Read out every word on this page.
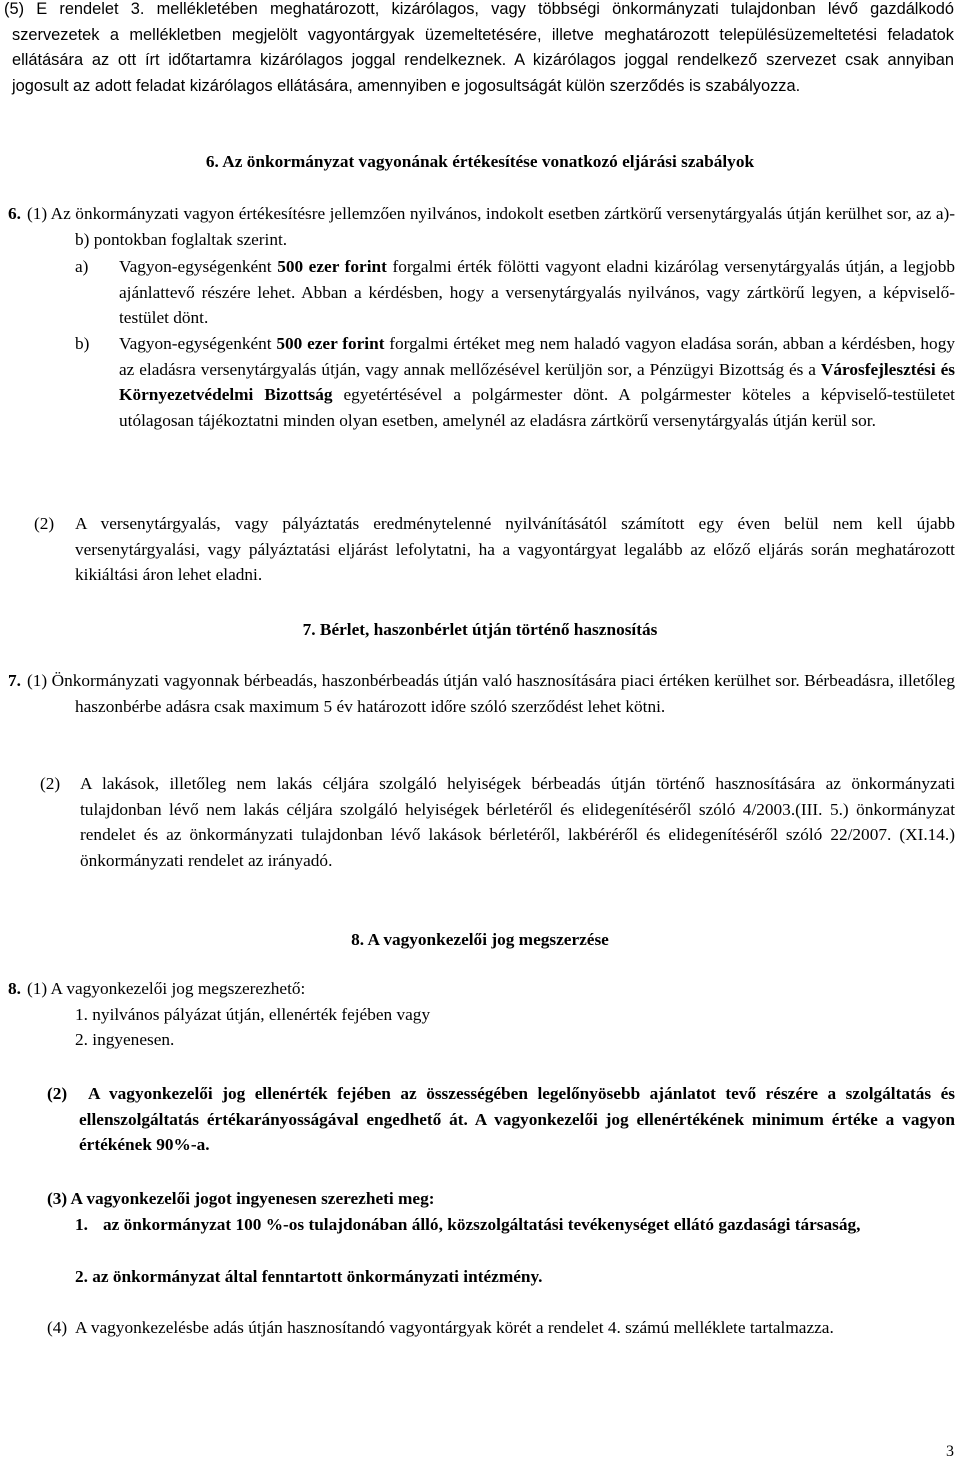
(5) E rendelet 3. mellékletében meghatározott, kizárólagos, vagy többségi önkormányzati tulajdonban lévő gazdálkodó szervezetek a mellékletben megjelölt vagyontárgyak üzemeltetésére, illetve meghatározott településüzemeltetési feladatok ellátására az ott írt időtartamra kizárólagos joggal rendelkeznek. A kizárólagos joggal rendelkező szervezet csak annyiban jogosult az adott feladat kizárólagos ellátására, amennyiben e jogosultságát külön szerződés is szabályozza.
6. Az önkormányzat vagyonának értékesítése vonatkozó eljárási szabályok
6. (1) Az önkormányzati vagyon értékesítésre jellemzően nyilvános, indokolt esetben zártkörű versenytárgyalás útján kerülhet sor, az a)-b) pontokban foglaltak szerint.
a) Vagyon-egységenként 500 ezer forint forgalmi érték fölötti vagyont eladni kizárólag versenytárgyalás útján, a legjobb ajánlattevő részére lehet. Abban a kérdésben, hogy a versenytárgyalás nyilvános, vagy zártkörű legyen, a képviselő-testület dönt.
b) Vagyon-egységenként 500 ezer forint forgalmi értéket meg nem haladó vagyon eladása során, abban a kérdésben, hogy az eladásra versenytárgyalás útján, vagy annak mellőzésével kerüljön sor, a Pénzügyi Bizottság és a Városfejlesztési és Környezetvédelmi Bizottság egyetértésével a polgármester dönt. A polgármester köteles a képviselő-testületet utólagosan tájékoztatni minden olyan esetben, amelynél az eladásra zártkörű versenytárgyalás útján kerül sor.
(2) A versenytárgyalás, vagy pályáztatás eredménytelenné nyilvánításától számított egy éven belül nem kell újabb versenytárgyalási, vagy pályáztatási eljárást lefolytatni, ha a vagyontárgyat legalább az előző eljárás során meghatározott kikiáltási áron lehet eladni.
7. Bérlet, haszonbérlet útján történő hasznosítás
7. (1) Önkormányzati vagyonnak bérbeadás, haszonbérbeadás útján való hasznosítására piaci értéken kerülhet sor. Bérbeadásra, illetőleg haszonbérbe adásra csak maximum 5 év határozott időre szóló szerződést lehet kötni.
(2) A lakások, illetőleg nem lakás céljára szolgáló helyiségek bérbeadás útján történő hasznosítására az önkormányzati tulajdonban lévő nem lakás céljára szolgáló helyiségek bérletéről és elidegenítéséről szóló 4/2003.(III. 5.) önkormányzat rendelet és az önkormányzati tulajdonban lévő lakások bérletéről, lakbéréről és elidegenítéséről szóló 22/2007. (XI.14.) önkormányzati rendelet az irányadó.
8. A vagyonkezelői jog megszerzése
8. (1) A vagyonkezelői jog megszerezhető:
1. nyilvános pályázat útján, ellenérték fejében vagy
2. ingyenesen.
(2)	A vagyonkezelői jog ellenérték fejében az összességében legelőnyösebb ajánlatot tevő részére a szolgáltatás és ellenszolgáltatás értékarányosságával engedhető át. A vagyonkezelői jog ellenértékének minimum értéke a vagyon értékének 90%-a.
(3) A vagyonkezelői jogot ingyenesen szerezheti meg:
1. az önkormányzat 100 %-os tulajdonában álló, közszolgáltatási tevékenységet ellátó gazdasági társaság,
2. az önkormányzat által fenntartott önkormányzati intézmény.
(4) A vagyonkezelésbe adás útján hasznosítandó vagyontárgyak körét a rendelet 4. számú melléklete tartalmazza.
3
